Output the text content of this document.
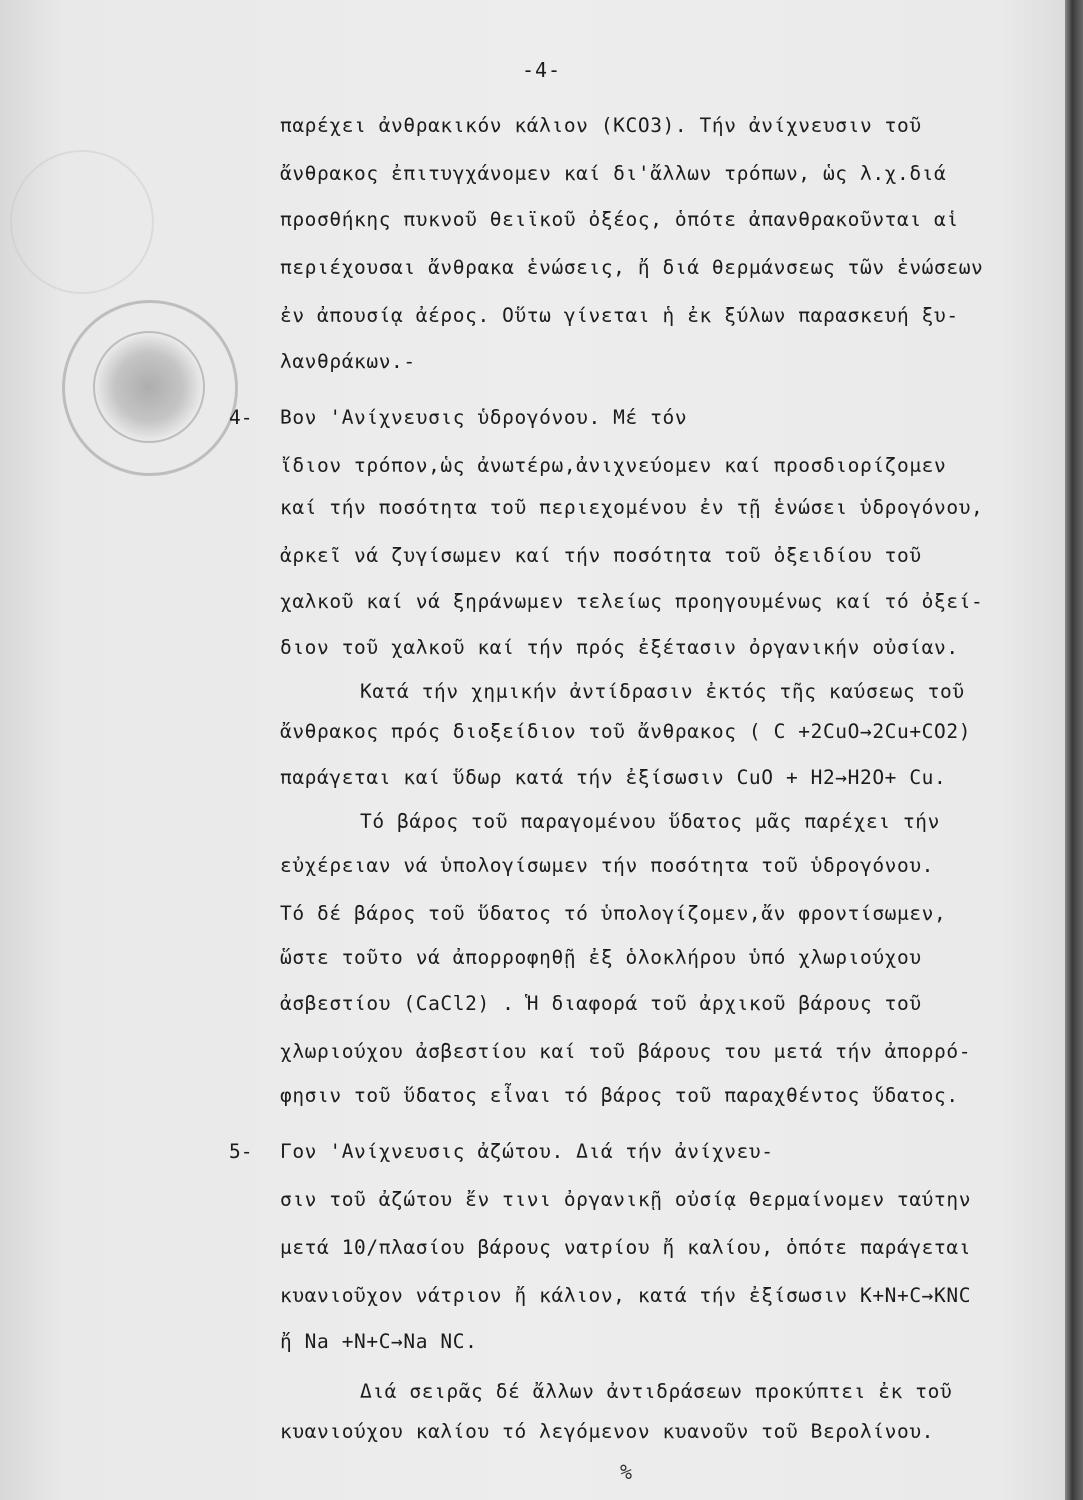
-4-
παρέχει ἀνθρακικόν κάλιον (ΚCO3). Τήν ἀνίχνευσιν τοῦ
ἄνθρακος ἐπιτυγχάνομεν καί δι'ἄλλων τρόπων, ὡς λ.χ.διά
προσθήκης πυκνοῦ θειϊκοῦ ὀξέος, ὁπότε ἀπανθρακοῦνται αἱ
περιέχουσαι ἄνθρακα ἑνώσεις, ἤ διά θερμάνσεως τῶν ἑνώσεων
ἐν ἀπουσίᾳ ἀέρος. Οὕτω γίνεται ἡ ἐκ ξύλων παρασκευή ξυ-
λανθράκων.-
4- Βον 'Ανίχνευσις ὑδρογόνου. Μέ τόν
ἴδιον τρόπον,ὡς ἀνωτέρω,ἀνιχνεύομεν καί προσδιορίζομεν
καί τήν ποσότητα τοῦ περιεχομένου ἐν τῇ ἑνώσει ὑδρογόνου,
ἀρκεῖ νά ζυγίσωμεν καί τήν ποσότητα τοῦ ὀξειδίου τοῦ
χαλκοῦ καί νά ξηράνωμεν τελείως προηγουμένως καί τό ὀξεί-
διον τοῦ χαλκοῦ καί τήν πρός ἐξέτασιν ὀργανικήν οὐσίαν.
Κατά τήν χημικήν ἀντίδρασιν ἐκτός τῆς καύσεως τοῦ
ἄνθρακος πρός διοξείδιον τοῦ ἄνθρακος ( C +2CuO→2Cu+CO2)
παράγεται καί ὕδωρ κατά τήν ἐξίσωσιν CuO + H2→H2O+ Cu.
Τό βάρος τοῦ παραγομένου ὕδατος μᾶς παρέχει τήν
εὐχέρειαν νά ὑπολογίσωμεν τήν ποσότητα τοῦ ὑδρογόνου.
Τό δέ βάρος τοῦ ὕδατος τό ὑπολογίζομεν,ἄν φροντίσωμεν,
ὥστε τοῦτο νά ἀπορροφηθῇ ἐξ ὁλοκλήρου ὑπό χλωριούχου
ἀσβεστίου (CaCl2) . Ἡ διαφορά τοῦ ἀρχικοῦ βάρους τοῦ
χλωριούχου ἀσβεστίου καί τοῦ βάρους του μετά τήν ἀπορρό-
φησιν τοῦ ὕδατος εἶναι τό βάρος τοῦ παραχθέντος ὕδατος.
5- Γον 'Ανίχνευσις ἀζώτου. Διά τήν ἀνίχνευ-
σιν τοῦ ἀζώτου ἔν τινι ὀργανικῇ οὐσίᾳ θερμαίνομεν ταύτην
μετά 10/πλασίου βάρους νατρίου ἤ καλίου, ὁπότε παράγεται
κυανιοῦχον νάτριον ἤ κάλιον, κατά τήν ἐξίσωσιν K+N+C→KNC
ἤ Na +N+C→Na NC.
Διά σειρᾶς δέ ἄλλων ἀντιδράσεων προκύπτει ἐκ τοῦ
κυανιούχου καλίου τό λεγόμενον κυανοῦν τοῦ Βερολίνου.
%
